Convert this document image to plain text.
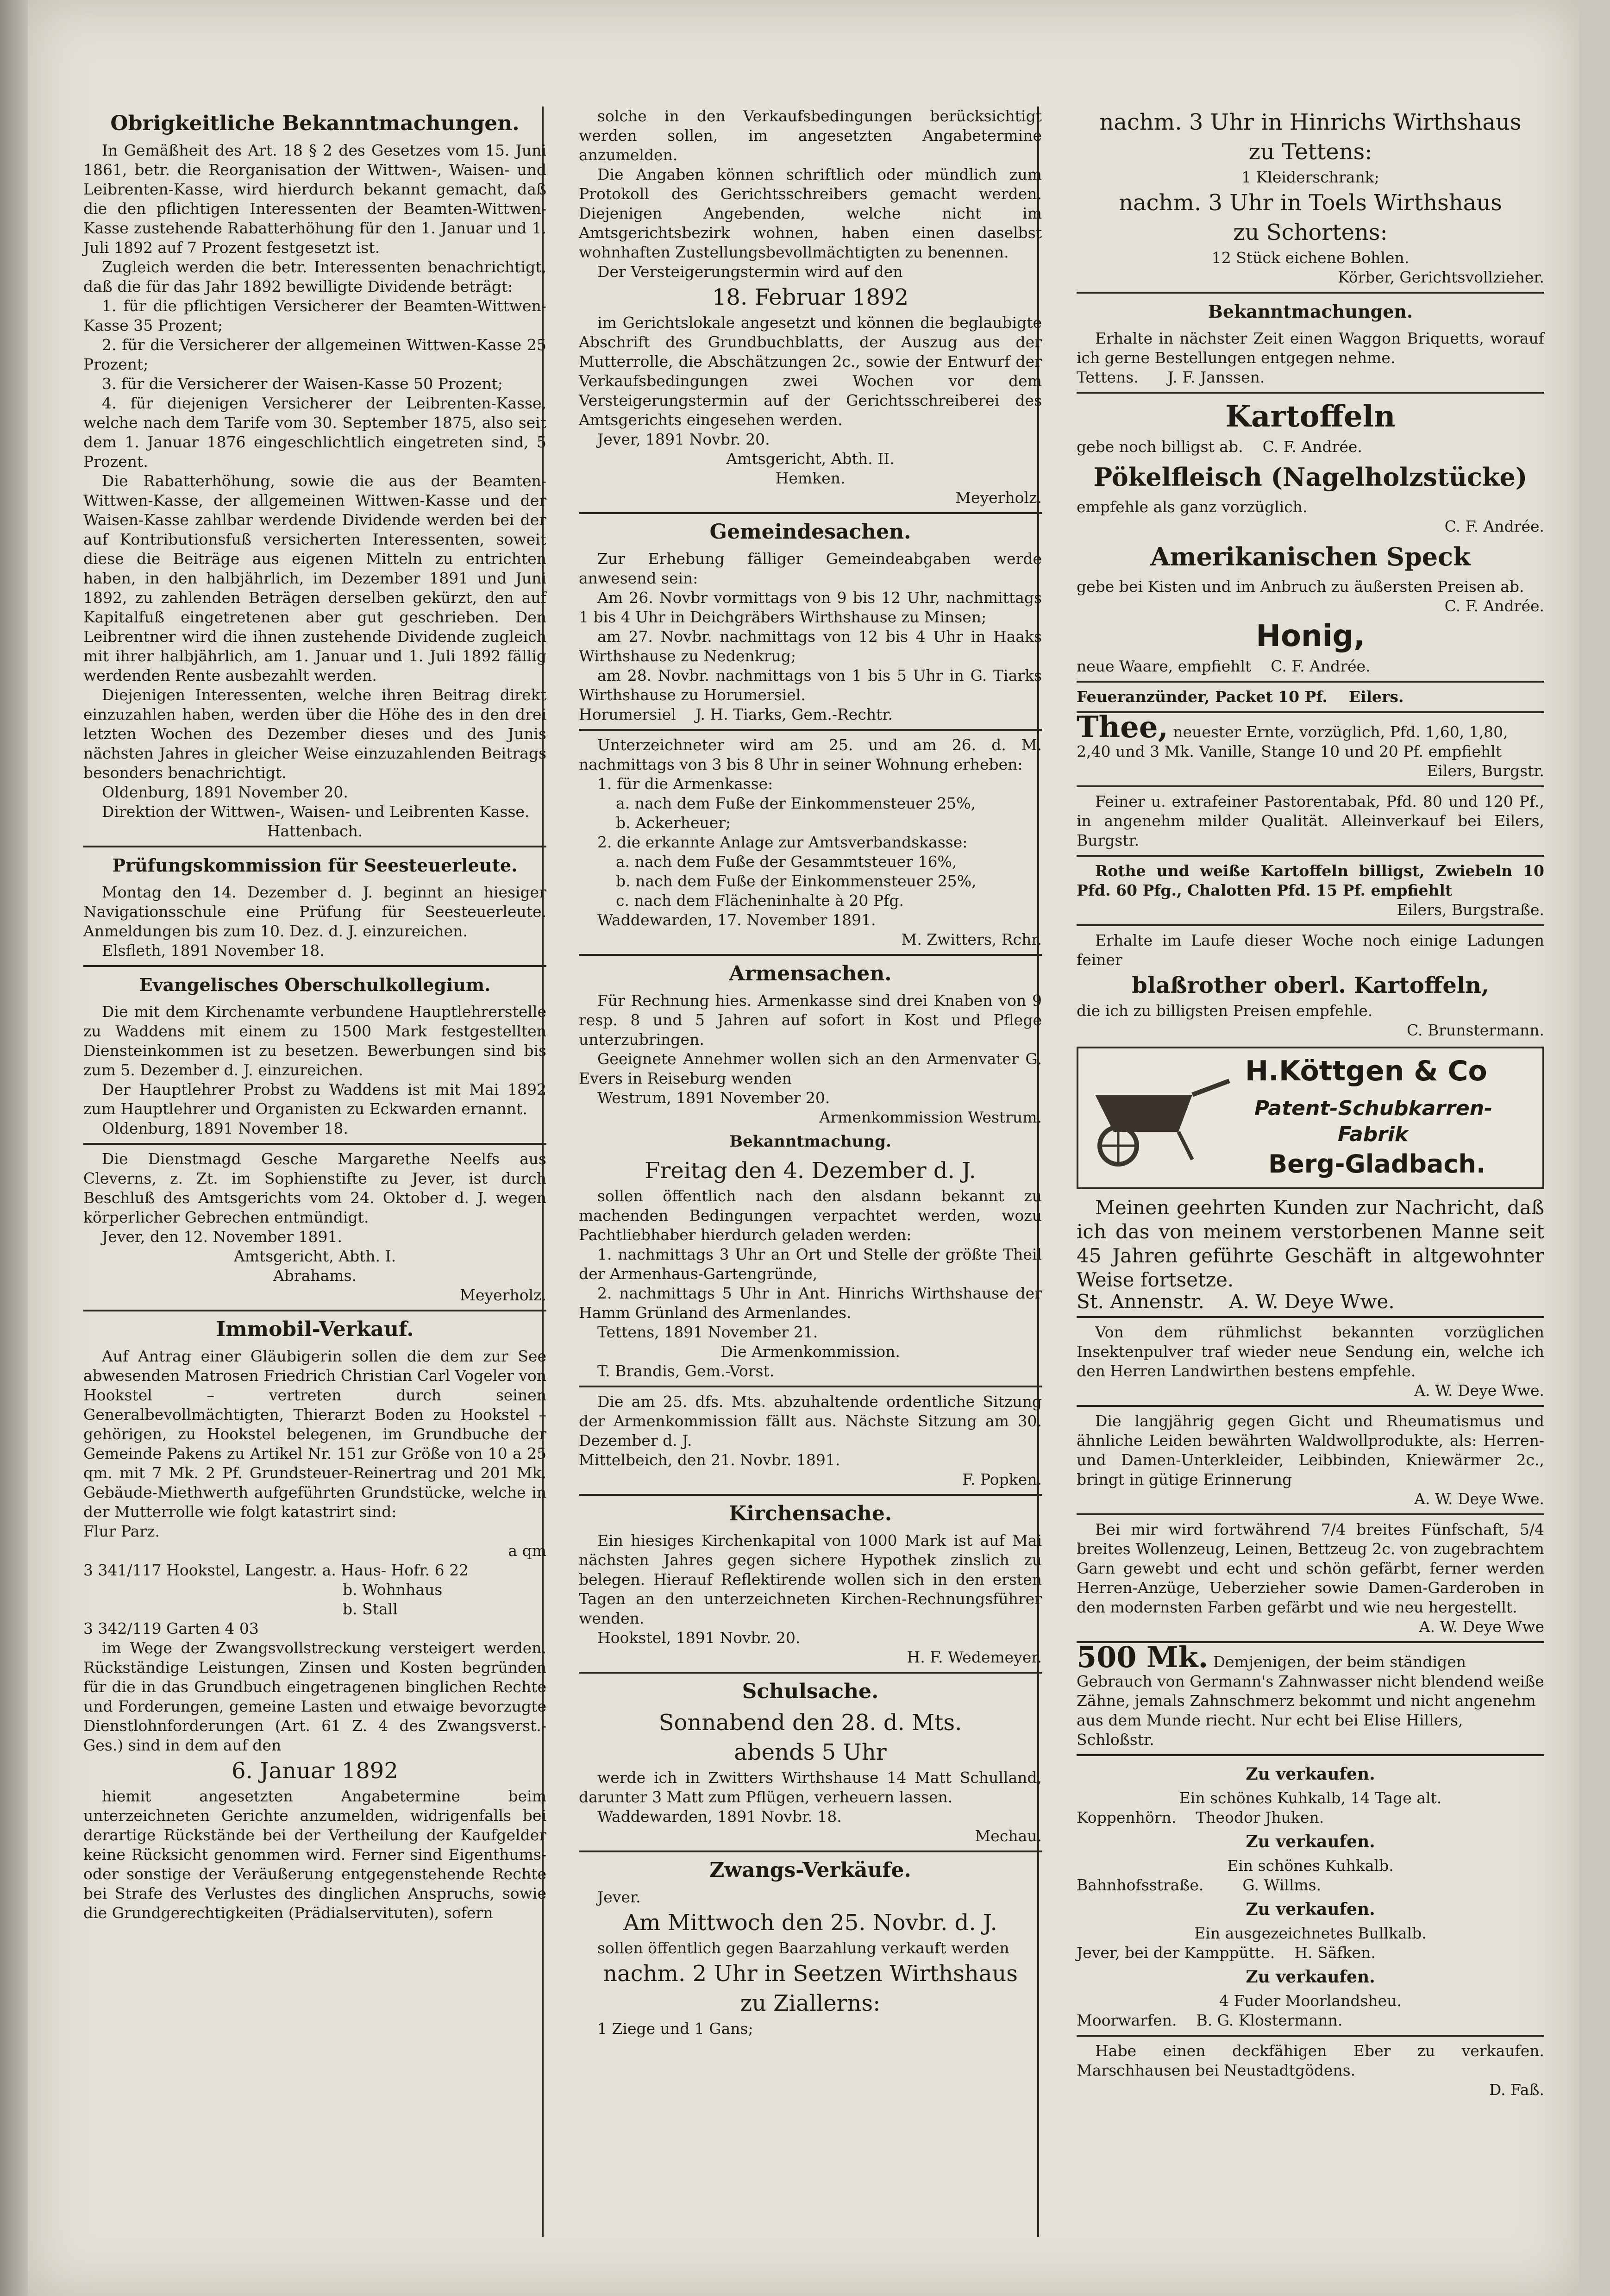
Obrigkeitliche Bekanntmachungen.

In Gemäßheit des Art. 18 § 2 des Gesetzes vom 15. Juni 1861, betr. die Reorganisation der Wittwen-, Waisen- und Leibrenten-Kasse, wird hierdurch bekannt gemacht, daß die den pflichtigen Interessenten der Beamten-Wittwen-Kasse zustehende Rabatterhöhung für den 1. Januar und 1. Juli 1892 auf 7 Prozent festgesetzt ist.

Zugleich werden die betr. Interessenten benachrichtigt, daß die für das Jahr 1892 bewilligte Dividende beträgt:

1. für die pflichtigen Versicherer der Beamten-Wittwen-Kasse 35 Prozent;

2. für die Versicherer der allgemeinen Wittwen-Kasse 25 Prozent;

3. für die Versicherer der Waisen-Kasse 50 Prozent;

4. für diejenigen Versicherer der Leibrenten-Kasse, welche nach dem Tarife vom 30. September 1875, also seit dem 1. Januar 1876 eingeschlichtlich eingetreten sind, 5 Prozent.

Die Rabatterhöhung, sowie die aus der Beamten-Wittwen-Kasse, der allgemeinen Wittwen-Kasse und der Waisen-Kasse zahlbar werdende Dividende werden bei der auf Kontributionsfuß versicherten Interessenten, soweit diese die Beiträge aus eigenen Mitteln zu entrichten haben, in den halbjährlich, im Dezember 1891 und Juni 1892, zu zahlenden Beträgen derselben gekürzt, den auf Kapitalfuß eingetretenen aber gut geschrieben. Den Leibrentner wird die ihnen zustehende Dividende zugleich mit ihrer halbjährlich, am 1. Januar und 1. Juli 1892 fällig werdenden Rente ausbezahlt werden.

Diejenigen Interessenten, welche ihren Beitrag direkt einzuzahlen haben, werden über die Höhe des in den drei letzten Wochen des Dezember dieses und des Junis nächsten Jahres in gleicher Weise einzuzahlenden Beitrags besonders benachrichtigt.

Oldenburg, 1891 November 20.

Direktion der Wittwen-, Waisen- und Leibrenten Kasse.

Hattenbach.

Prüfungskommission für Seesteuerleute.

Montag den 14. Dezember d. J. beginnt an hiesiger Navigationsschule eine Prüfung für Seesteuerleute. Anmeldungen bis zum 10. Dez. d. J. einzureichen.

Elsfleth, 1891 November 18.

Evangelisches Oberschulkollegium.

Die mit dem Kirchenamte verbundene Hauptlehrerstelle zu Waddens mit einem zu 1500 Mark festgestellten Diensteinkommen ist zu besetzen. Bewerbungen sind bis zum 5. Dezember d. J. einzureichen.

Der Hauptlehrer Probst zu Waddens ist mit Mai 1892 zum Hauptlehrer und Organisten zu Eckwarden ernannt.

Oldenburg, 1891 November 18.

Die Dienstmagd Gesche Margarethe Neelfs aus Cleverns, z. Zt. im Sophienstifte zu Jever, ist durch Beschluß des Amtsgerichts vom 24. Oktober d. J. wegen körperlicher Gebrechen entmündigt.

Jever, den 12. November 1891.

Amtsgericht, Abth. I.

Abrahams.

Meyerholz.

Immobil-Verkauf.

Auf Antrag einer Gläubigerin sollen die dem zur See abwesenden Matrosen Friedrich Christian Carl Vogeler von Hookstel – vertreten durch seinen Generalbevollmächtigten, Thierarzt Boden zu Hookstel – gehörigen, zu Hookstel belegenen, im Grundbuche der Gemeinde Pakens zu Artikel Nr. 151 zur Größe von 10 a 25 qm. mit 7 Mk. 2 Pf. Grundsteuer-Reinertrag und 201 Mk. Gebäude-Miethwerth aufgeführten Grundstücke, welche in der Mutterrolle wie folgt katastrirt sind:

Flur Parz.

a qm

3 341/117 Hookstel, Langestr. a. Haus- Hofr. 6 22

b. Wohnhaus

b. Stall

3 342/119 Garten 4 03

im Wege der Zwangsvollstreckung versteigert werden. Rückständige Leistungen, Zinsen und Kosten begründen für die in das Grundbuch eingetragenen binglichen Rechte und Forderungen, gemeine Lasten und etwaige bevorzugte Dienstlohnforderungen (Art. 61 Z. 4 des Zwangsverst.-Ges.) sind in dem auf den

6. Januar 1892

hiemit angesetzten Angabetermine beim unterzeichneten Gerichte anzumelden, widrigenfalls bei derartige Rückstände bei der Vertheilung der Kaufgelder keine Rücksicht genommen wird. Ferner sind Eigenthums- oder sonstige der Veräußerung entgegenstehende Rechte bei Strafe des Verlustes des dinglichen Anspruchs, sowie die Grundgerechtigkeiten (Prädialservituten), sofern

solche in den Verkaufsbedingungen berücksichtigt werden sollen, im angesetzten Angabetermine anzumelden.

Die Angaben können schriftlich oder mündlich zum Protokoll des Gerichtsschreibers gemacht werden. Diejenigen Angebenden, welche nicht im Amtsgerichtsbezirk wohnen, haben einen daselbst wohnhaften Zustellungsbevollmächtigten zu benennen.

Der Versteigerungstermin wird auf den

18. Februar 1892

im Gerichtslokale angesetzt und können die beglaubigte Abschrift des Grundbuchblatts, der Auszug aus der Mutterrolle, die Abschätzungen 2c., sowie der Entwurf der Verkaufsbedingungen zwei Wochen vor dem Versteigerungstermin auf der Gerichtsschreiberei des Amtsgerichts eingesehen werden.

Jever, 1891 Novbr. 20.

Amtsgericht, Abth. II.

Hemken.

Meyerholz.

Gemeindesachen.

Zur Erhebung fälliger Gemeindeabgaben werde anwesend sein:

Am 26. Novbr vormittags von 9 bis 12 Uhr, nachmittags 1 bis 4 Uhr in Deichgräbers Wirthshause zu Minsen;

am 27. Novbr. nachmittags von 12 bis 4 Uhr in Haaks Wirthshause zu Nedenkrug;

am 28. Novbr. nachmittags von 1 bis 5 Uhr in G. Tiarks Wirthshause zu Horumersiel.

Horumersiel J. H. Tiarks, Gem.-Rechtr.

Unterzeichneter wird am 25. und am 26. d. M. nachmittags von 3 bis 8 Uhr in seiner Wohnung erheben:

1. für die Armenkasse:

a. nach dem Fuße der Einkommensteuer 25%,

b. Ackerheuer;

2. die erkannte Anlage zur Amtsverbandskasse:

a. nach dem Fuße der Gesammtsteuer 16%,

b. nach dem Fuße der Einkommensteuer 25%,

c. nach dem Flächeninhalte à 20 Pfg.

Waddewarden, 17. November 1891.

M. Zwitters, Rchr.

Armensachen.

Für Rechnung hies. Armenkasse sind drei Knaben von 9 resp. 8 und 5 Jahren auf sofort in Kost und Pflege unterzubringen.

Geeignete Annehmer wollen sich an den Armenvater G. Evers in Reiseburg wenden

Westrum, 1891 November 20.

Armenkommission Westrum.

Bekanntmachung.
Freitag den 4. Dezember d. J.

sollen öffentlich nach den alsdann bekannt zu machenden Bedingungen verpachtet werden, wozu Pachtliebhaber hierdurch geladen werden:

1. nachmittags 3 Uhr an Ort und Stelle der größte Theil der Armenhaus-Gartengründe,

2. nachmittags 5 Uhr in Ant. Hinrichs Wirthshause der Hamm Grünland des Armenlandes.

Tettens, 1891 November 21.

Die Armenkommission.

T. Brandis, Gem.-Vorst.

Die am 25. dfs. Mts. abzuhaltende ordentliche Sitzung der Armenkommission fällt aus. Nächste Sitzung am 30. Dezember d. J.

Mittelbeich, den 21. Novbr. 1891.

F. Popken.

Kirchensache.

Ein hiesiges Kirchenkapital von 1000 Mark ist auf Mai nächsten Jahres gegen sichere Hypothek zinslich zu belegen. Hierauf Reflektirende wollen sich in den ersten Tagen an den unterzeichneten Kirchen-Rechnungsführer wenden.

Hookstel, 1891 Novbr. 20.

H. F. Wedemeyer.

Schulsache.
Sonnabend den 28. d. Mts.
abends 5 Uhr

werde ich in Zwitters Wirthshause 14 Matt Schulland, darunter 3 Matt zum Pflügen, verheuern lassen.

Waddewarden, 1891 Novbr. 18.

Mechau.

Zwangs-Verkäufe.

Jever.

Am Mittwoch den 25. Novbr. d. J.

sollen öffentlich gegen Baarzahlung verkauft werden

nachm. 2 Uhr in Seetzen Wirthshaus
zu Ziallerns:

1 Ziege und 1 Gans;

nachm. 3 Uhr in Hinrichs Wirthshaus
zu Tettens:

1 Kleiderschrank;

nachm. 3 Uhr in Toels Wirthshaus
zu Schortens:

12 Stück eichene Bohlen.

Körber, Gerichtsvollzieher.

Bekanntmachungen.

Erhalte in nächster Zeit einen Waggon Briquetts, worauf ich gerne Bestellungen entgegen nehme.

Tettens. J. F. Janssen.

Kartoffeln

gebe noch billigst ab. C. F. Andrée.

Pökelfleisch (Nagelholzstücke)

empfehle als ganz vorzüglich.

C. F. Andrée.

Amerikanischen Speck

gebe bei Kisten und im Anbruch zu äußersten Preisen ab.

C. F. Andrée.

Honig,

neue Waare, empfiehlt C. F. Andrée.

Feueranzünder, Packet 10 Pf. Eilers.

Thee, neuester Ernte, vorzüglich, Pfd. 1,60, 1,80, 2,40 und 3 Mk. Vanille, Stange 10 und 20 Pf. empfiehlt

Eilers, Burgstr.

Feiner u. extrafeiner Pastorentabak, Pfd. 80 und 120 Pf., in angenehm milder Qualität. Alleinverkauf bei Eilers, Burgstr.

Rothe und weiße Kartoffeln billigst, Zwiebeln 10 Pfd. 60 Pfg., Chalotten Pfd. 15 Pf. empfiehlt

Eilers, Burgstraße.

Erhalte im Laufe dieser Woche noch einige Ladungen feiner

blaßrother oberl. Kartoffeln,

die ich zu billigsten Preisen empfehle.

C. Brunstermann.

H.Köttgen & Co
Patent-Schubkarren-
Fabrik
Berg-Gladbach.

Meinen geehrten Kunden zur Nachricht, daß ich das von meinem verstorbenen Manne seit 45 Jahren geführte Geschäft in altgewohnter Weise fortsetze.

St. Annenstr. A. W. Deye Wwe.

Von dem rühmlichst bekannten vorzüglichen Insektenpulver traf wieder neue Sendung ein, welche ich den Herren Landwirthen bestens empfehle.

A. W. Deye Wwe.

Die langjährig gegen Gicht und Rheumatismus und ähnliche Leiden bewährten Waldwollprodukte, als: Herren- und Damen-Unterkleider, Leibbinden, Kniewärmer 2c., bringt in gütige Erinnerung

A. W. Deye Wwe.

Bei mir wird fortwährend 7/4 breites Fünfschaft, 5/4 breites Wollenzeug, Leinen, Bettzeug 2c. von zugebrachtem Garn gewebt und echt und schön gefärbt, ferner werden Herren-Anzüge, Ueberzieher sowie Damen-Garderoben in den modernsten Farben gefärbt und wie neu hergestellt.

A. W. Deye Wwe

500 Mk. Demjenigen, der beim ständigen Gebrauch von Germann's Zahnwasser nicht blendend weiße Zähne, jemals Zahnschmerz bekommt und nicht angenehm aus dem Munde riecht. Nur echt bei Elise Hillers, Schloßstr.

Zu verkaufen.

Ein schönes Kuhkalb, 14 Tage alt.

Koppenhörn. Theodor Jhuken.

Zu verkaufen.

Ein schönes Kuhkalb.

Bahnhofsstraße.	G. Willms.

Zu verkaufen.

Ein ausgezeichnetes Bullkalb.

Jever, bei der Kamppütte. H. Säfken.

Zu verkaufen.

4 Fuder Moorlandsheu.

Moorwarfen. B. G. Klostermann.

Habe einen deckfähigen Eber zu verkaufen. Marschhausen bei Neustadtgödens.

D. Faß.
